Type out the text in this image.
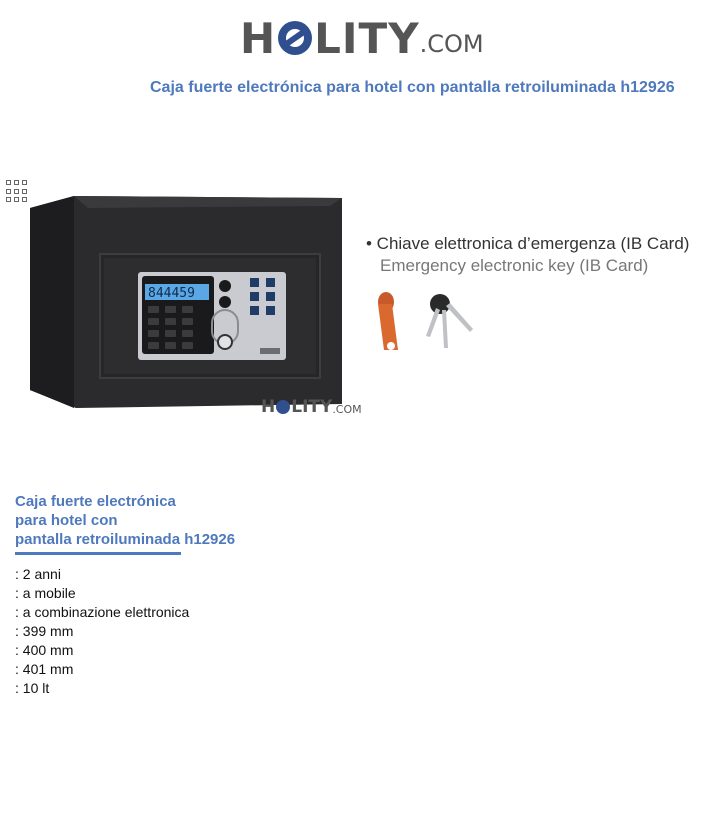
H LITY .COM
Caja fuerte electrónica para hotel con pantalla retroiluminada h12926
844459
• Chiave elettronica d’emergenza (IB Card)
Emergency electronic key (IB Card)
H LITY .COM
Caja fuerte electrónica
para hotel con
pantalla retroiluminada h12926
: 2 anni
: a mobile
: a combinazione elettronica
: 399 mm
: 400 mm
: 401 mm
: 10 lt
